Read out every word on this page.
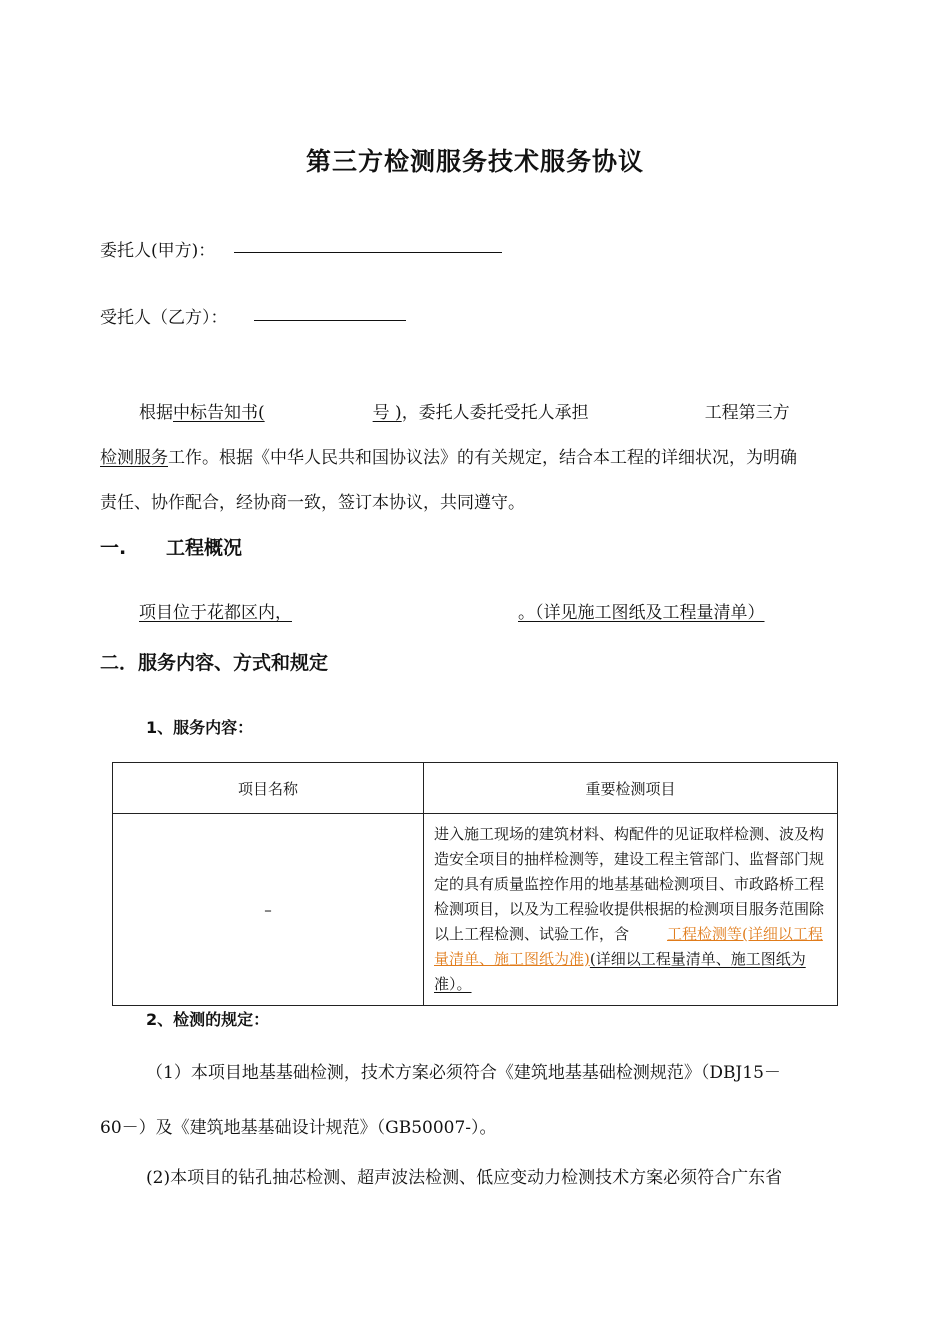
第三方检测服务技术服务协议
委托人(甲方)：
受托人（乙方）：
根据中标告知书(	号 )，委托人委托受托人承担	工程第三方
检测服务工作。根据《中华人民共和国协议法》的有关规定，结合本工程的详细状况，为明确
责任、协作配合，经协商一致，签订本协议，共同遵守。
一. 工程概况
项目位于花都区内，	。（详见施工图纸及工程量清单）
二．服务内容、方式和规定
1、服务内容：
项目名称	重要检测项目
–	进入施工现场的建筑材料、构配件的见证取样检测、波及构造安全项目的抽样检测等，建设工程主管部门、监督部门规定的具有质量监控作用的地基基础检测项目、市政路桥工程检测项目，以及为工程验收提供根据的检测项目服务范围除以上工程检测、试验工作，含 工程检测等(详细以工程量清单、施工图纸为准)(详细以工程量清单、施工图纸为准）。
2、检测的规定：
（1）本项目地基基础检测，技术方案必须符合《建筑地基基础检测规范》（DBJ15－
60－）及《建筑地基基础设计规范》（GB50007-）。
(2)本项目的钻孔抽芯检测、超声波法检测、低应变动力检测技术方案必须符合广东省
